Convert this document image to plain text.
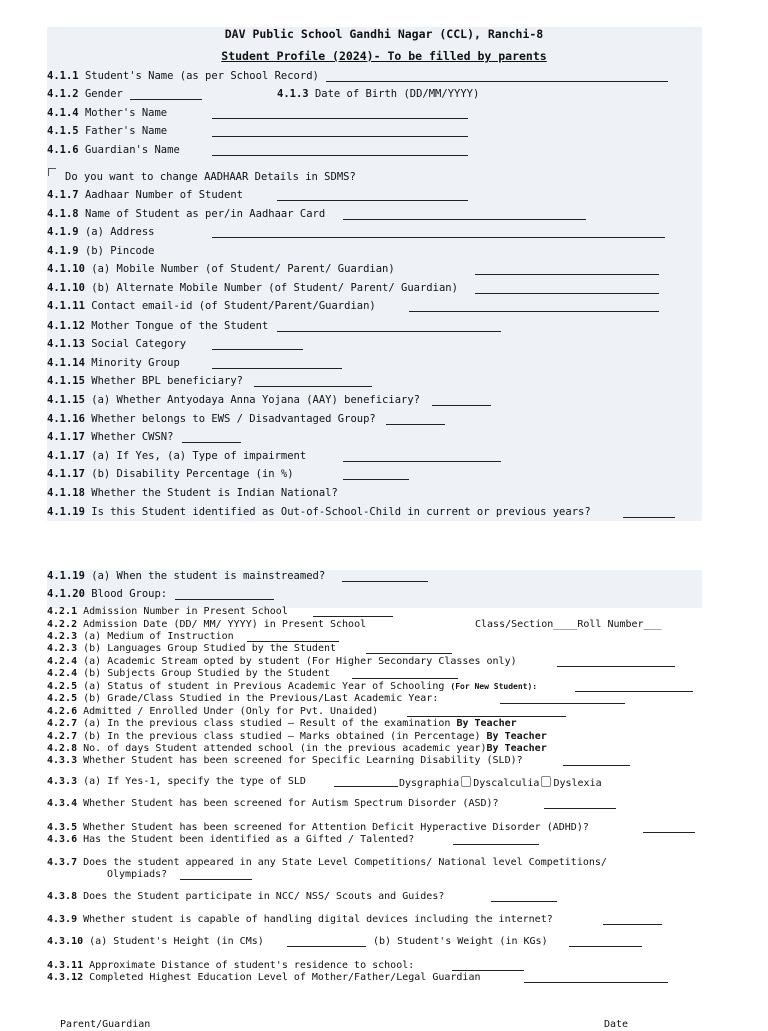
DAV Public School Gandhi Nagar (CCL), Ranchi-8
Student Profile (2024)- To be filled by parents
4.1.1 Student's Name (as per School Record)
4.1.2 Gender	4.1.3 Date of Birth (DD/MM/YYYY)
4.1.4 Mother's Name
4.1.5 Father's Name
4.1.6 Guardian's Name
Do you want to change AADHAAR Details in SDMS?
4.1.7 Aadhaar Number of Student
4.1.8 Name of Student as per/in Aadhaar Card
4.1.9 (a) Address
4.1.9 (b) Pincode
4.1.10 (a) Mobile Number (of Student/ Parent/ Guardian)
4.1.10 (b) Alternate Mobile Number (of Student/ Parent/ Guardian)
4.1.11 Contact email-id (of Student/Parent/Guardian)
4.1.12 Mother Tongue of the Student
4.1.13 Social Category
4.1.14 Minority Group
4.1.15 Whether BPL beneficiary?
4.1.15 (a) Whether Antyodaya Anna Yojana (AAY) beneficiary?
4.1.16 Whether belongs to EWS / Disadvantaged Group?
4.1.17 Whether CWSN?
4.1.17 (a) If Yes, (a) Type of impairment
4.1.17 (b) Disability Percentage (in %)
4.1.18 Whether the Student is Indian National?
4.1.19 Is this Student identified as Out-of-School-Child in current or previous years?
4.1.19 (a) When the student is mainstreamed?
4.1.20 Blood Group:
4.2.1 Admission Number in Present School
4.2.2 Admission Date (DD/ MM/ YYYY) in Present School	Class/Section____Roll Number___
4.2.3 (a) Medium of Instruction
4.2.3 (b) Languages Group Studied by the Student
4.2.4 (a) Academic Stream opted by student (For Higher Secondary Classes only)
4.2.4 (b) Subjects Group Studied by the Student
4.2.5 (a) Status of student in Previous Academic Year of Schooling (For New Student):
4.2.5 (b) Grade/Class Studied in the Previous/Last Academic Year:
4.2.6 Admitted / Enrolled Under (Only for Pvt. Unaided)
4.2.7 (a) In the previous class studied – Result of the examination By Teacher
4.2.7 (b) In the previous class studied – Marks obtained (in Percentage) By Teacher
4.2.8 No. of days Student attended school (in the previous academic year)By Teacher
4.3.3 Whether Student has been screened for Specific Learning Disability (SLD)?
4.3.3 (a) If Yes-1, specify the type of SLD	Dysgraphia Dyscalculia Dyslexia
4.3.4 Whether Student has been screened for Autism Spectrum Disorder (ASD)?
4.3.5 Whether Student has been screened for Attention Deficit Hyperactive Disorder (ADHD)?
4.3.6 Has the Student been identified as a Gifted / Talented?
4.3.7 Does the student appeared in any State Level Competitions/ National level Competitions/
Olympiads?
4.3.8 Does the Student participate in NCC/ NSS/ Scouts and Guides?
4.3.9 Whether student is capable of handling digital devices including the internet?
4.3.10 (a) Student's Height (in CMs)	(b) Student's Weight (in KGs)
4.3.11 Approximate Distance of student's residence to school:
4.3.12 Completed Highest Education Level of Mother/Father/Legal Guardian
Parent/Guardian	Date
